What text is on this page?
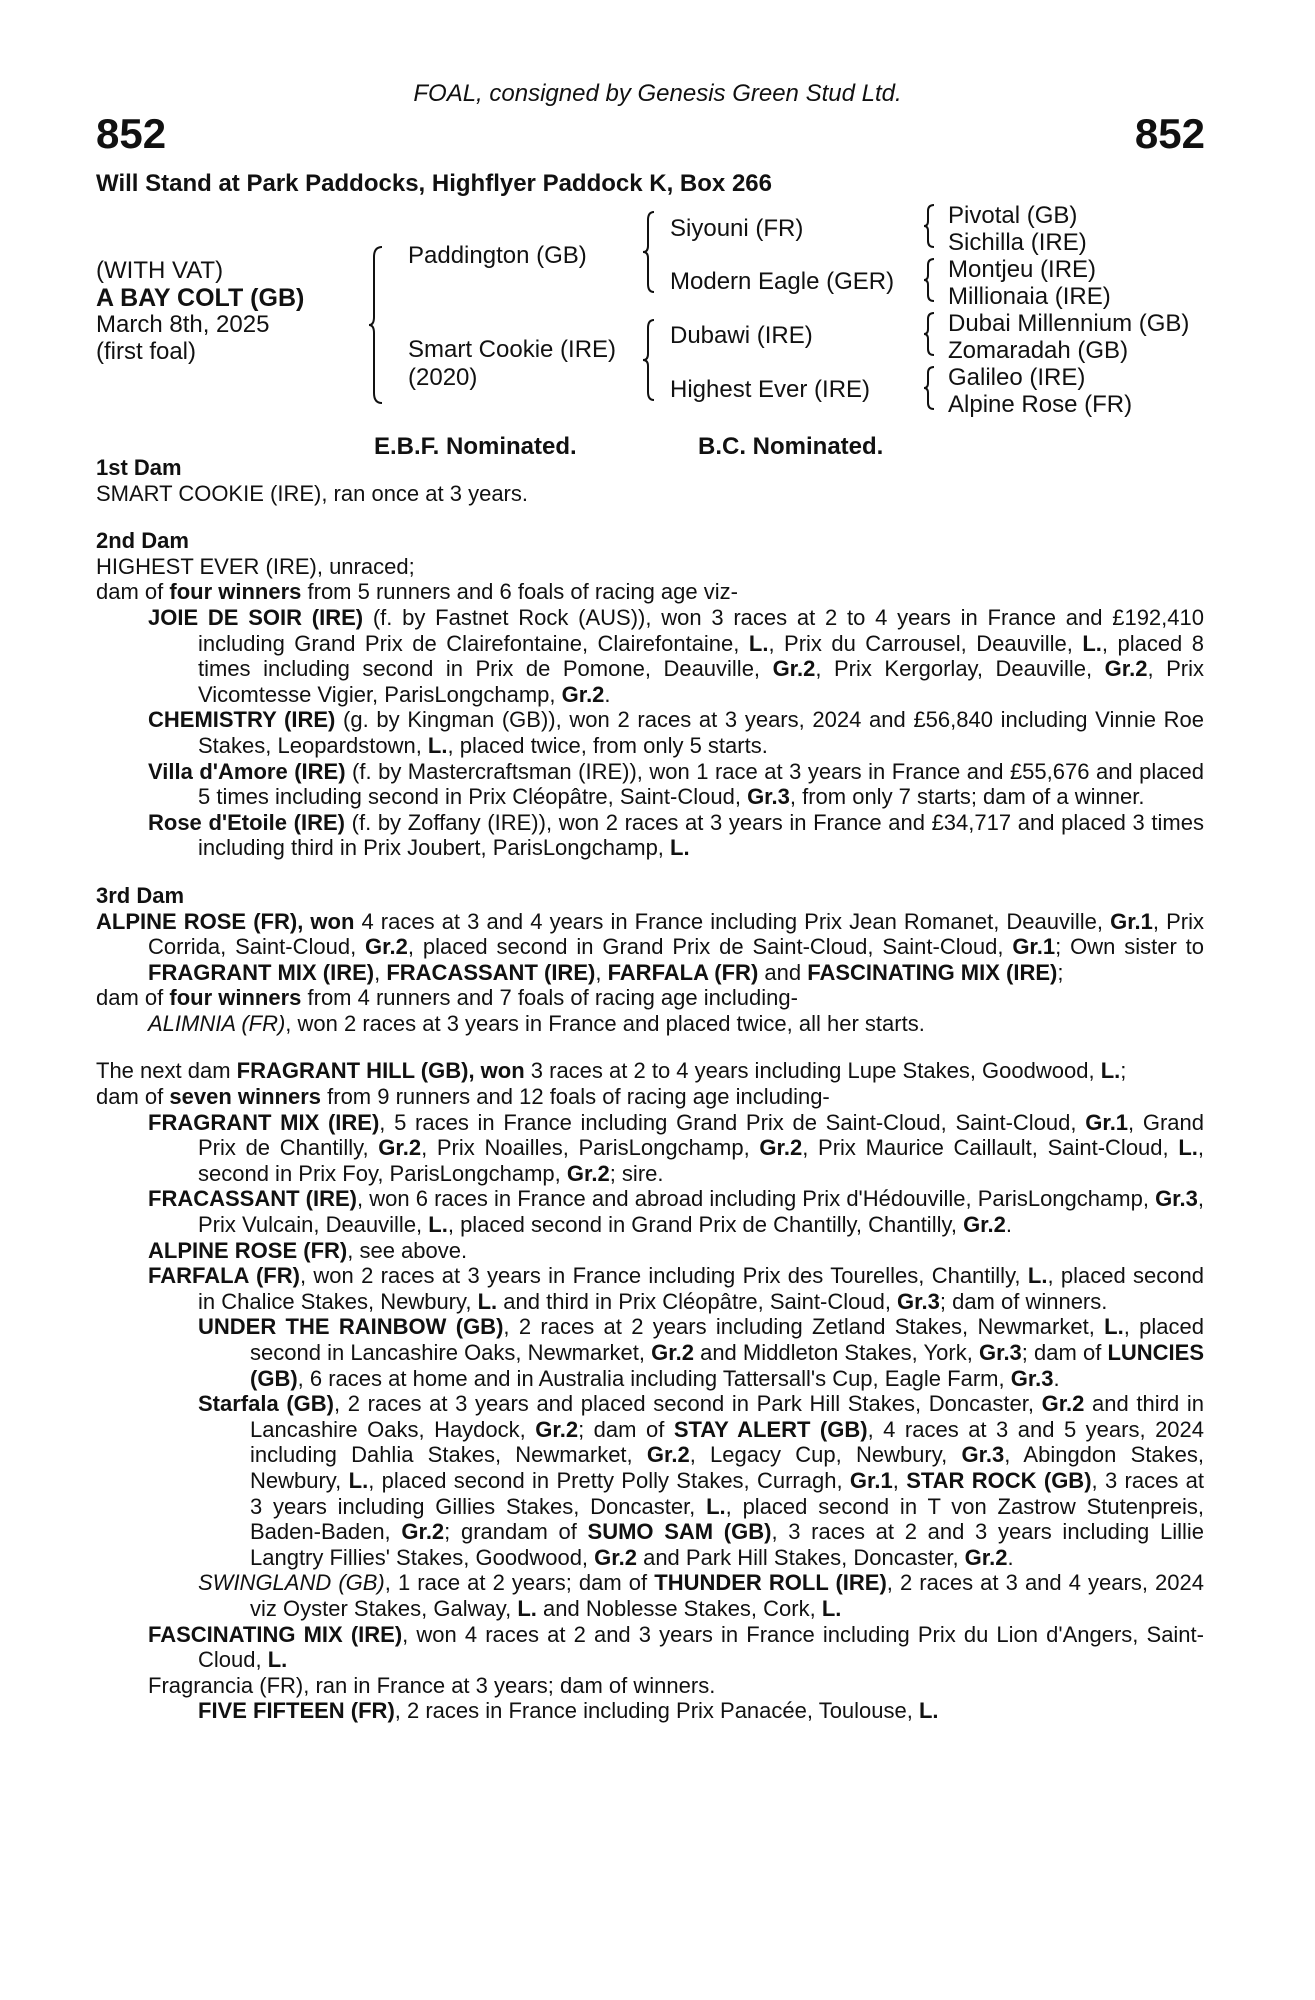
FOAL, consigned by Genesis Green Stud Ltd.
852	852
Will Stand at Park Paddocks, Highflyer Paddock K, Box 266
(WITH VAT)
A BAY COLT (GB)
March 8th, 2025
(first foal)
Paddington (GB)
Smart Cookie (IRE)
(2020)
Siyouni (FR)
Modern Eagle (GER)
Dubawi (IRE)
Highest Ever (IRE)
Pivotal (GB)
Sichilla (IRE)
Montjeu (IRE)
Millionaia (IRE)
Dubai Millennium (GB)
Zomaradah (GB)
Galileo (IRE)
Alpine Rose (FR)
E.B.F. Nominated.	B.C. Nominated.

1st Dam

SMART COOKIE (IRE), ran once at 3 years.

2nd Dam

HIGHEST EVER (IRE), unraced;

dam of four winners from 5 runners and 6 foals of racing age viz-

JOIE DE SOIR (IRE) (f. by Fastnet Rock (AUS)), won 3 races at 2 to 4 years in France and £192,410 including Grand Prix de Clairefontaine, Clairefontaine, L., Prix du Carrousel, Deauville, L., placed 8 times including second in Prix de Pomone, Deauville, Gr.2, Prix Kergorlay, Deauville, Gr.2, Prix Vicomtesse Vigier, ParisLongchamp, Gr.2.

CHEMISTRY (IRE) (g. by Kingman (GB)), won 2 races at 3 years, 2024 and £56,840 including Vinnie Roe Stakes, Leopardstown, L., placed twice, from only 5 starts.

Villa d'Amore (IRE) (f. by Mastercraftsman (IRE)), won 1 race at 3 years in France and £55,676 and placed 5 times including second in Prix Cléopâtre, Saint-Cloud, Gr.3, from only 7 starts; dam of a winner.

Rose d'Etoile (IRE) (f. by Zoffany (IRE)), won 2 races at 3 years in France and £34,717 and placed 3 times including third in Prix Joubert, ParisLongchamp, L.

3rd Dam

ALPINE ROSE (FR), won 4 races at 3 and 4 years in France including Prix Jean Romanet, Deauville, Gr.1, Prix Corrida, Saint-Cloud, Gr.2, placed second in Grand Prix de Saint-Cloud, Saint-Cloud, Gr.1; Own sister to FRAGRANT MIX (IRE), FRACASSANT (IRE), FARFALA (FR) and FASCINATING MIX (IRE);

dam of four winners from 4 runners and 7 foals of racing age including-

ALIMNIA (FR), won 2 races at 3 years in France and placed twice, all her starts.

The next dam FRAGRANT HILL (GB), won 3 races at 2 to 4 years including Lupe Stakes, Goodwood, L.;

dam of seven winners from 9 runners and 12 foals of racing age including-

FRAGRANT MIX (IRE), 5 races in France including Grand Prix de Saint-Cloud, Saint-Cloud, Gr.1, Grand Prix de Chantilly, Gr.2, Prix Noailles, ParisLongchamp, Gr.2, Prix Maurice Caillault, Saint-Cloud, L., second in Prix Foy, ParisLongchamp, Gr.2; sire.

FRACASSANT (IRE), won 6 races in France and abroad including Prix d'Hédouville, ParisLongchamp, Gr.3, Prix Vulcain, Deauville, L., placed second in Grand Prix de Chantilly, Chantilly, Gr.2.

ALPINE ROSE (FR), see above.

FARFALA (FR), won 2 races at 3 years in France including Prix des Tourelles, Chantilly, L., placed second in Chalice Stakes, Newbury, L. and third in Prix Cléopâtre, Saint-Cloud, Gr.3; dam of winners.

UNDER THE RAINBOW (GB), 2 races at 2 years including Zetland Stakes, Newmarket, L., placed second in Lancashire Oaks, Newmarket, Gr.2 and Middleton Stakes, York, Gr.3; dam of LUNCIES (GB), 6 races at home and in Australia including Tattersall's Cup, Eagle Farm, Gr.3.

Starfala (GB), 2 races at 3 years and placed second in Park Hill Stakes, Doncaster, Gr.2 and third in Lancashire Oaks, Haydock, Gr.2; dam of STAY ALERT (GB), 4 races at 3 and 5 years, 2024 including Dahlia Stakes, Newmarket, Gr.2, Legacy Cup, Newbury, Gr.3, Abingdon Stakes, Newbury, L., placed second in Pretty Polly Stakes, Curragh, Gr.1, STAR ROCK (GB), 3 races at 3 years including Gillies Stakes, Doncaster, L., placed second in T von Zastrow Stutenpreis, Baden-Baden, Gr.2; grandam of SUMO SAM (GB), 3 races at 2 and 3 years including Lillie Langtry Fillies' Stakes, Goodwood, Gr.2 and Park Hill Stakes, Doncaster, Gr.2.

SWINGLAND (GB), 1 race at 2 years; dam of THUNDER ROLL (IRE), 2 races at 3 and 4 years, 2024 viz Oyster Stakes, Galway, L. and Noblesse Stakes, Cork, L.

FASCINATING MIX (IRE), won 4 races at 2 and 3 years in France including Prix du Lion d'Angers, Saint-Cloud, L.

Fragrancia (FR), ran in France at 3 years; dam of winners.

FIVE FIFTEEN (FR), 2 races in France including Prix Panacée, Toulouse, L.
